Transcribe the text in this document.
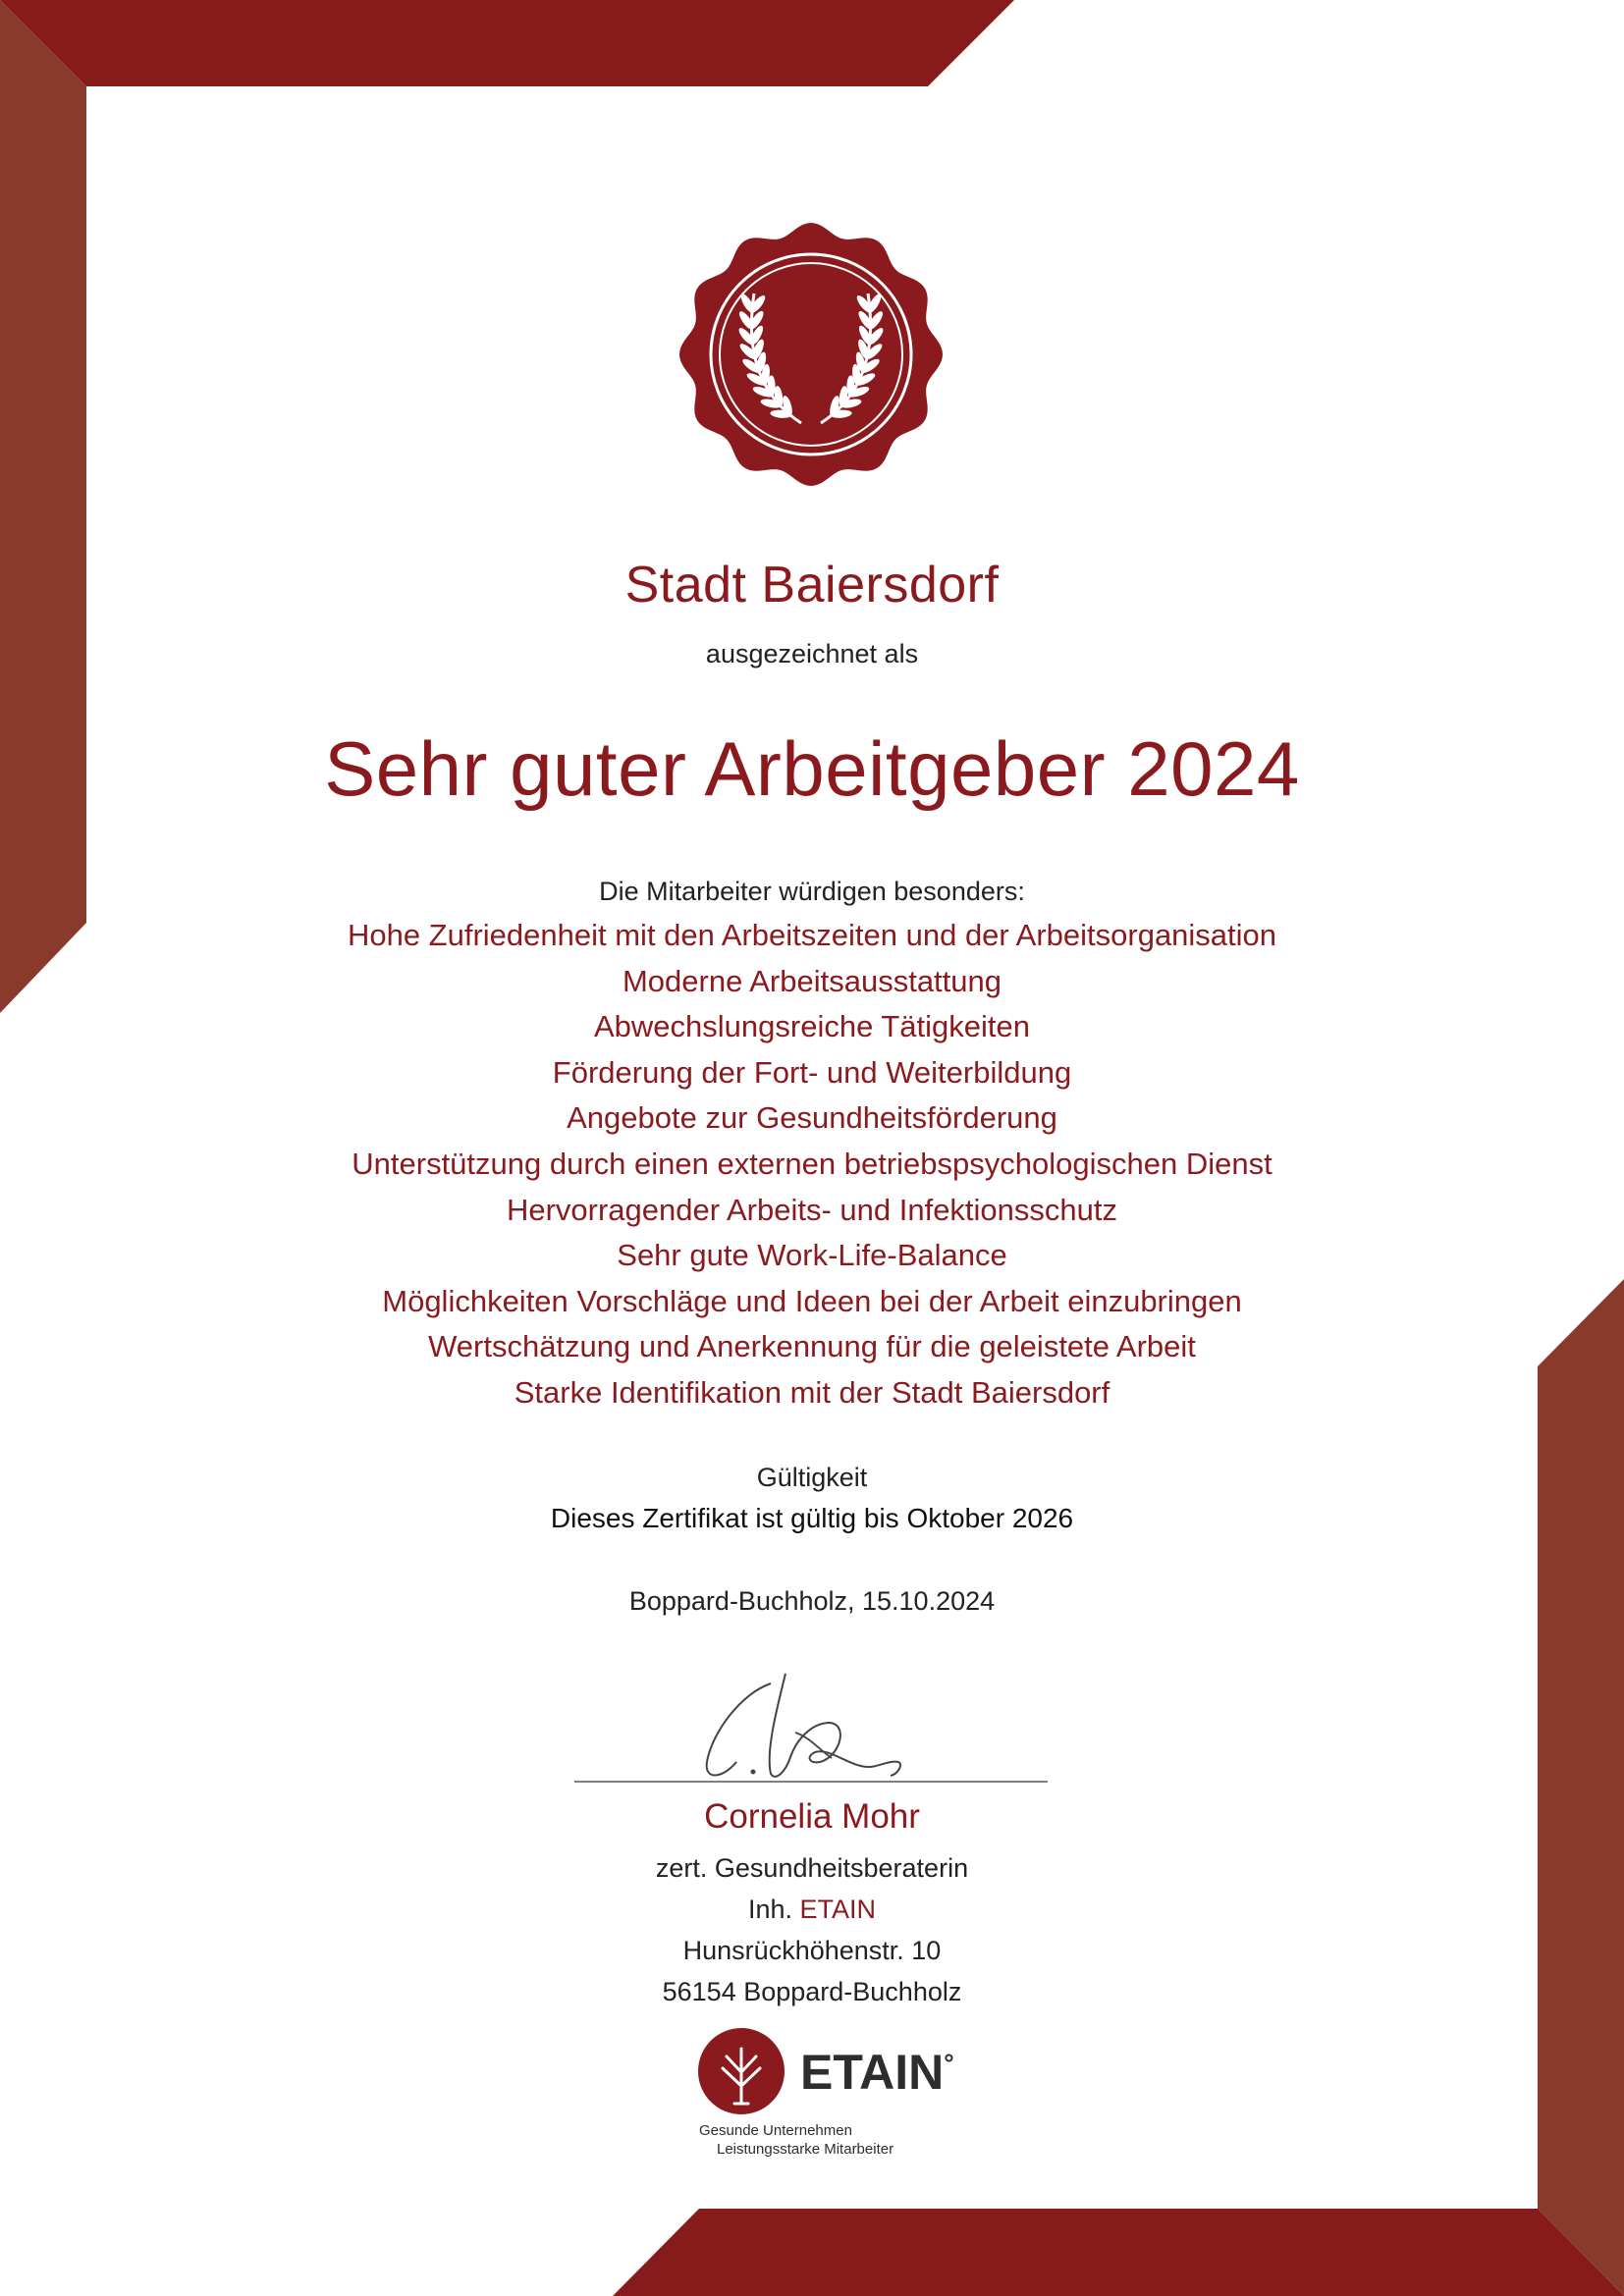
Stadt Baiersdorf
ausgezeichnet als
Sehr guter Arbeitgeber 2024
Die Mitarbeiter würdigen besonders:
Hohe Zufriedenheit mit den Arbeitszeiten und der Arbeitsorganisation
Moderne Arbeitsausstattung
Abwechslungsreiche Tätigkeiten
Förderung der Fort- und Weiterbildung
Angebote zur Gesundheitsförderung
Unterstützung durch einen externen betriebspsychologischen Dienst
Hervorragender Arbeits- und Infektionsschutz
Sehr gute Work-Life-Balance
Möglichkeiten Vorschläge und Ideen bei der Arbeit einzubringen
Wertschätzung und Anerkennung für die geleistete Arbeit
Starke Identifikation mit der Stadt Baiersdorf
Gültigkeit
Dieses Zertifikat ist gültig bis Oktober 2026
Boppard-Buchholz, 15.10.2024
Cornelia Mohr
zert. Gesundheitsberaterin
Inh. ETAIN
Hunsrückhöhenstr. 10
56154 Boppard-Buchholz
ETAIN°
Gesunde Unternehmen
Leistungsstarke Mitarbeiter
